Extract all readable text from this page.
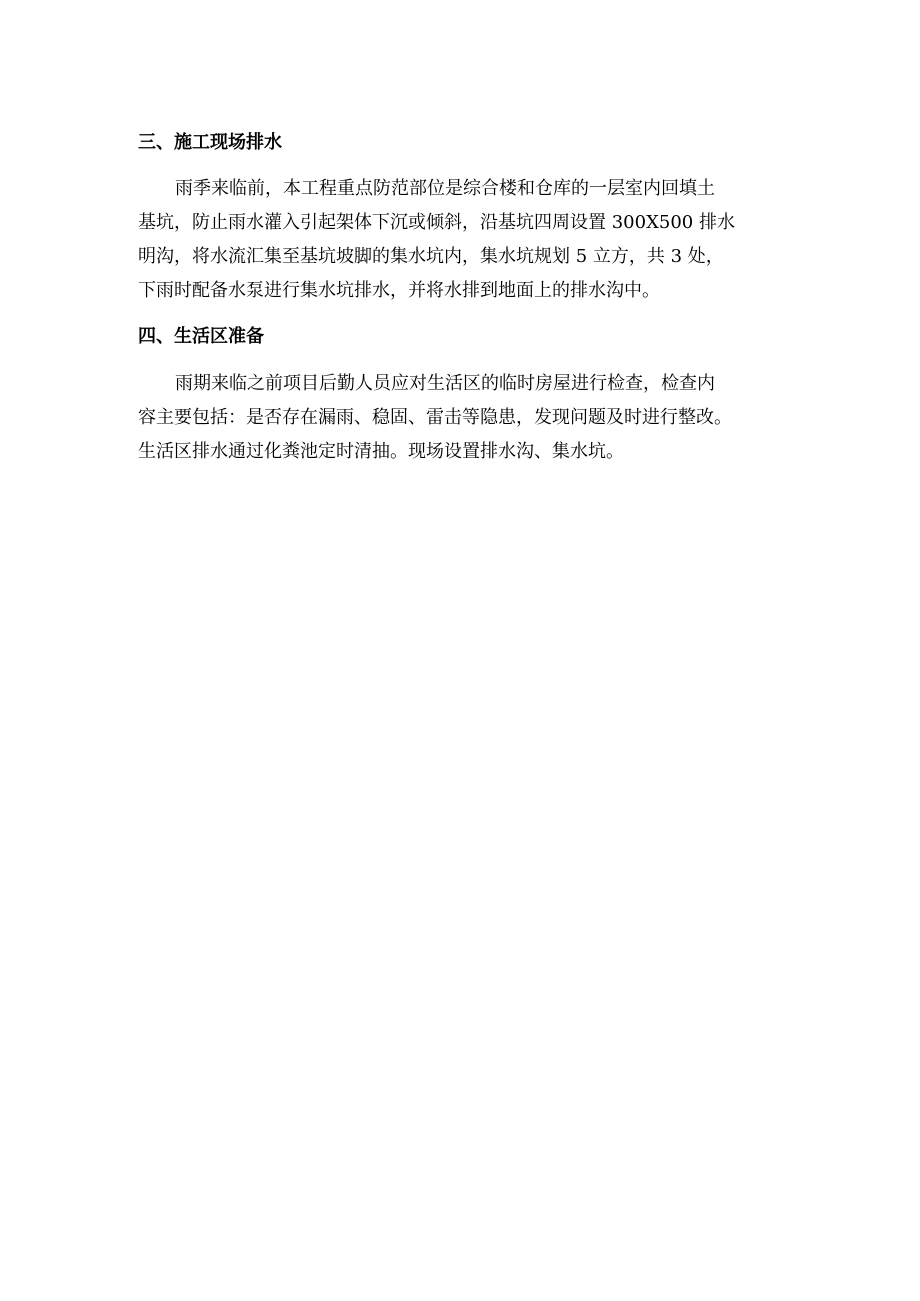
三、施工现场排水
雨季来临前，本工程重点防范部位是综合楼和仓库的一层室内回填土
基坑，防止雨水灌入引起架体下沉或倾斜，沿基坑四周设置 300X500 排水
明沟，将水流汇集至基坑坡脚的集水坑内，集水坑规划 5 立方，共 3 处，
下雨时配备水泵进行集水坑排水，并将水排到地面上的排水沟中。
四、生活区准备
雨期来临之前项目后勤人员应对生活区的临时房屋进行检查，检查内
容主要包括：是否存在漏雨、稳固、雷击等隐患，发现问题及时进行整改。
生活区排水通过化粪池定时清抽。现场设置排水沟、集水坑。
